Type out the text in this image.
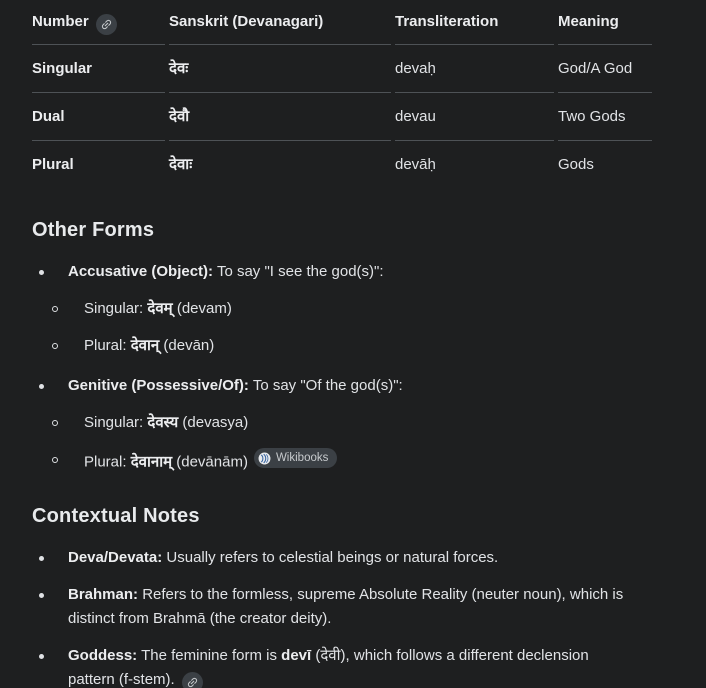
Number	Sanskrit (Devanagari)	Transliteration	Meaning
Singular	देवः	devaḥ	God/A God
Dual	देवौ	devau	Two Gods
Plural	देवाः	devāḥ	Gods
Other Forms
Accusative (Object): To say "I see the god(s)":
Singular: देवम् (devam)
Plural: देवान् (devān)
Genitive (Possessive/Of): To say "Of the god(s)":
Singular: देवस्य (devasya)
Plural: देवानाम् (devānām) Wikibooks
Contextual Notes
Deva/Devata: Usually refers to celestial beings or natural forces.
Brahman: Refers to the formless, supreme Absolute Reality (neuter noun), which is distinct from Brahmā (the creator deity).
Goddess: The feminine form is devī (देवी), which follows a different declension pattern (f-stem).
